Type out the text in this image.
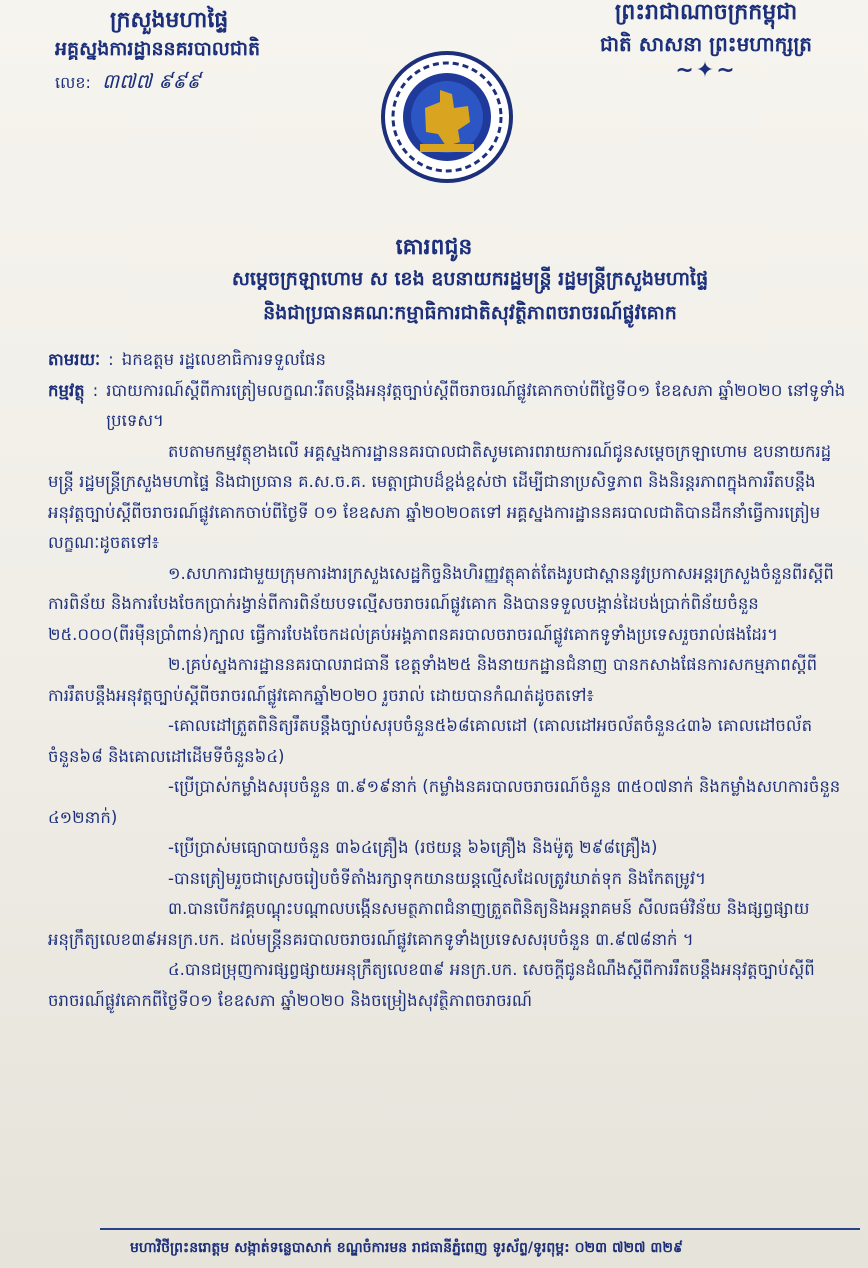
ក្រសួងមហាផ្ទៃ
អគ្គស្នងការដ្ឋាននគរបាលជាតិ
លេខ: ៣៧៧ ៩៩៩
ព្រះរាជាណាចក្រកម្ពុជា
ជាតិ សាសនា ព្រះមហាក្សត្រ
~✦~
គោរពជូន
សម្តេចក្រឡាហោម ស ខេង ឧបនាយករដ្ឋមន្ត្រី រដ្ឋមន្ត្រីក្រសួងមហាផ្ទៃ
និងជាប្រធានគណៈកម្មាធិការជាតិសុវត្ថិភាពចរាចរណ៍ផ្លូវគោក
តាមរយៈ : ឯកឧត្តម រដ្ឋលេខាធិការទទួលផែន
កម្មវត្ថុ : របាយការណ៍ស្តីពីការត្រៀមលក្ខណៈរឹតបន្តឹងអនុវត្តច្បាប់ស្តីពីចរាចរណ៍ផ្លូវគោកចាប់ពីថ្ងៃទី០១ ខែឧសភា ឆ្នាំ២០២០ នៅទូទាំងប្រទេស។

តបតាមកម្មវត្ថុខាងលើ អគ្គស្នងការដ្ឋាននគរបាលជាតិសូមគោរពរាយការណ៍ជូនសម្តេចក្រឡាហោម ឧបនាយករដ្ឋមន្ត្រី រដ្ឋមន្ត្រីក្រសួងមហាផ្ទៃ និងជាប្រធាន គ.ស.ច.គ. មេត្តាជ្រាបដ៏ខ្ពង់ខ្ពស់ថា ដើម្បីជានាប្រសិទ្ធភាព និងនិរន្តរភាពក្នុងការរឹតបន្តឹងអនុវត្តច្បាប់ស្តីពីចរាចរណ៍ផ្លូវគោកចាប់ពីថ្ងៃទី ០១ ខែឧសភា ឆ្នាំ២០២០តទៅ អគ្គស្នងការដ្ឋាននគរបាលជាតិបានដឹកនាំធ្វើការត្រៀមលក្ខណៈដូចតទៅ៖

១.សហការជាមួយក្រុមការងារក្រសួងសេដ្ឋកិច្ចនិងហិរញ្ញវត្ថុគាត់តែងរូបជាស្ពាននូវប្រកាសអន្តរក្រសួងចំនួនពីរស្តីពីការពិន័យ និងការបែងចែកប្រាក់រង្វាន់ពីការពិន័យបទល្មើសចរាចរណ៍ផ្លូវគោក និងបានទទួលបង្កាន់ដៃបង់ប្រាក់ពិន័យចំនួន ២៥.០០០(ពីរម៉ឺនប្រាំពាន់)ក្បាល ធ្វើការបែងចែកដល់គ្រប់អង្គភាពនគរបាលចរាចរណ៍ផ្លូវគោកទូទាំងប្រទេសរួចរាល់ផងដែរ។

២.គ្រប់ស្នងការដ្ឋាននគរបាលរាជធានី ខេត្តទាំង២៥ និងនាយកដ្ឋានជំនាញ បានកសាងផែនការសកម្មភាពស្តីពីការរឹតបន្តឹងអនុវត្តច្បាប់ស្តីពីចរាចរណ៍ផ្លូវគោកឆ្នាំ២០២០ រួចរាល់ ដោយបានកំណត់ដូចតទៅ៖

-គោលដៅត្រួតពិនិត្យរឹតបន្តឹងច្បាប់សរុបចំនួន៥៦៨គោលដៅ (គោលដៅអចល័តចំនួន៤៣៦ គោលដៅចល័តចំនួន៦៨ និងគោលដៅដើមទីចំនួន៦៤)

-ប្រើប្រាស់កម្លាំងសរុបចំនួន ៣.៩១៩នាក់ (កម្លាំងនគរបាលចរាចរណ៍ចំនួន ៣៥០៧នាក់ និងកម្លាំងសហការចំនួន ៤១២នាក់)

-ប្រើប្រាស់មធ្យោបាយចំនួន ៣៦៤គ្រឿង (រថយន្ត ៦៦គ្រឿង និងម៉ូតូ ២៩៨គ្រឿង)

-បានត្រៀមរួចជាស្រេចរៀបចំទីតាំងរក្សាទុកយានយន្តល្មើសដែលត្រូវឃាត់ទុក និងកែតម្រូវ។

៣.បានបើកវគ្គបណ្តុះបណ្តាលបង្កើនសមត្ថភាពជំនាញត្រួតពិនិត្យនិងអន្តរាគមន៍ សីលធម៌វិន័យ និងផ្សព្វផ្សាយអនុក្រឹត្យលេខ៣៩អនក្រ.បក. ដល់មន្ត្រីនគរបាលចរាចរណ៍ផ្លូវគោកទូទាំងប្រទេសសរុបចំនួន ៣.៩៧៨នាក់ ។

៤.បានជម្រុញការផ្សព្វផ្សាយអនុក្រឹត្យលេខ៣៩ អនក្រ.បក. សេចក្តីជូនដំណឹងស្តីពីការរឹតបន្តឹងអនុវត្តច្បាប់ស្តីពីចរាចរណ៍ផ្លូវគោកពីថ្ងៃទី០១ ខែឧសភា ឆ្នាំ២០២០ និងចម្រៀងសុវត្ថិភាពចរាចរណ៍

មហាវិថីព្រះនរោត្តម សង្កាត់ទន្លេបាសាក់ ខណ្ឌចំការមន រាជធានីភ្នំពេញ ទូរស័ព្ទ/ទូរពុម្ព: ០២៣ ៧២៧ ៣២៩
